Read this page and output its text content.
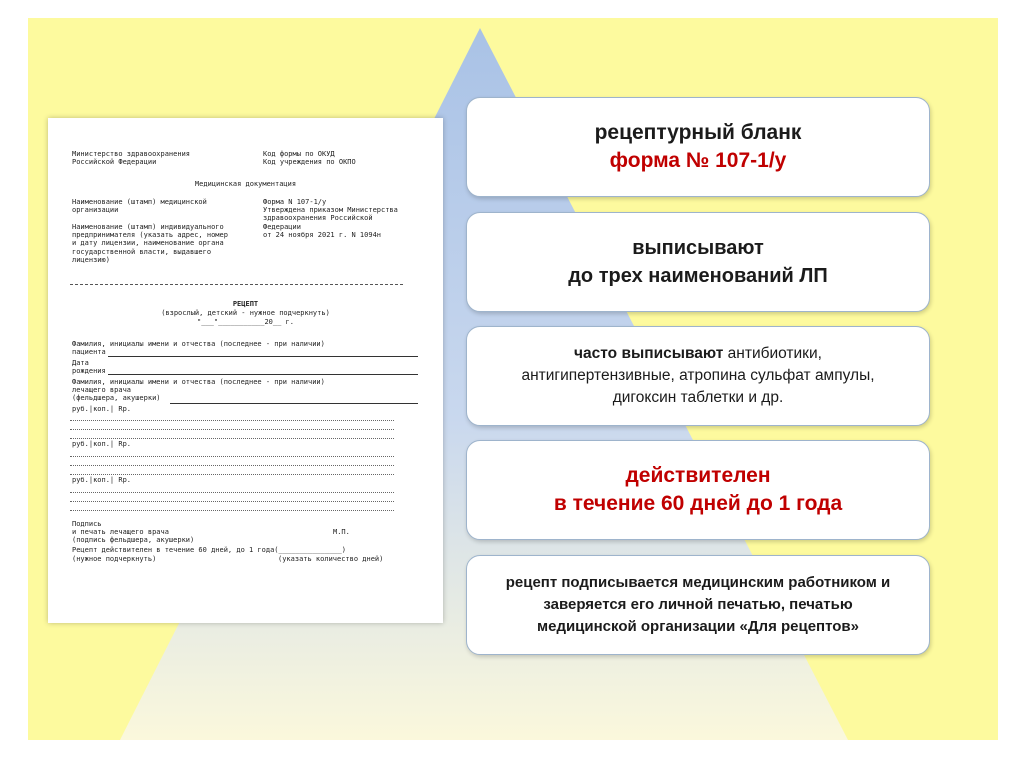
Министерство здравоохранения
Российской Федерации
Код формы по ОКУД
Код учреждения по ОКПО
Медицинская документация
Наименование (штамп) медицинской
организации
Форма N 107-1/у
Утверждена приказом Министерства
здравоохранения Российской
Федерации
от 24 ноября 2021 г. N 1094н
Наименование (штамп) индивидуального
предпринимателя (указать адрес, номер
и дату лицензии, наименование органа
государственной власти, выдавшего
лицензию)
РЕЦЕПТ
(взрослый, детский - нужное подчеркнуть)
"___"___________20__ г.
Фамилия, инициалы имени и отчества (последнее - при наличии)
пациента
Дата
рождения
Фамилия, инициалы имени и отчества (последнее - при наличии)
лечащего врача
(фельдшера, акушерки)
руб.|коп.| Rp.
руб.|коп.| Rp.
руб.|коп.| Rp.
Подпись
и печать лечащего врача
(подпись фельдшера, акушерки)
М.П.
Рецепт действителен в течение 60 дней, до 1 года(_______________)
(нужное подчеркнуть)	(указать количество дней)
рецептурный бланк
форма № 107-1/у
выписывают
до трех наименований ЛП
часто выписывают антибиотики,
антигипертензивные, атропина сульфат ампулы,
дигоксин таблетки и др.
действителен
в течение 60 дней до 1 года
рецепт подписывается медицинским работником и
заверяется его личной печатью, печатью
медицинской организации «Для рецептов»
